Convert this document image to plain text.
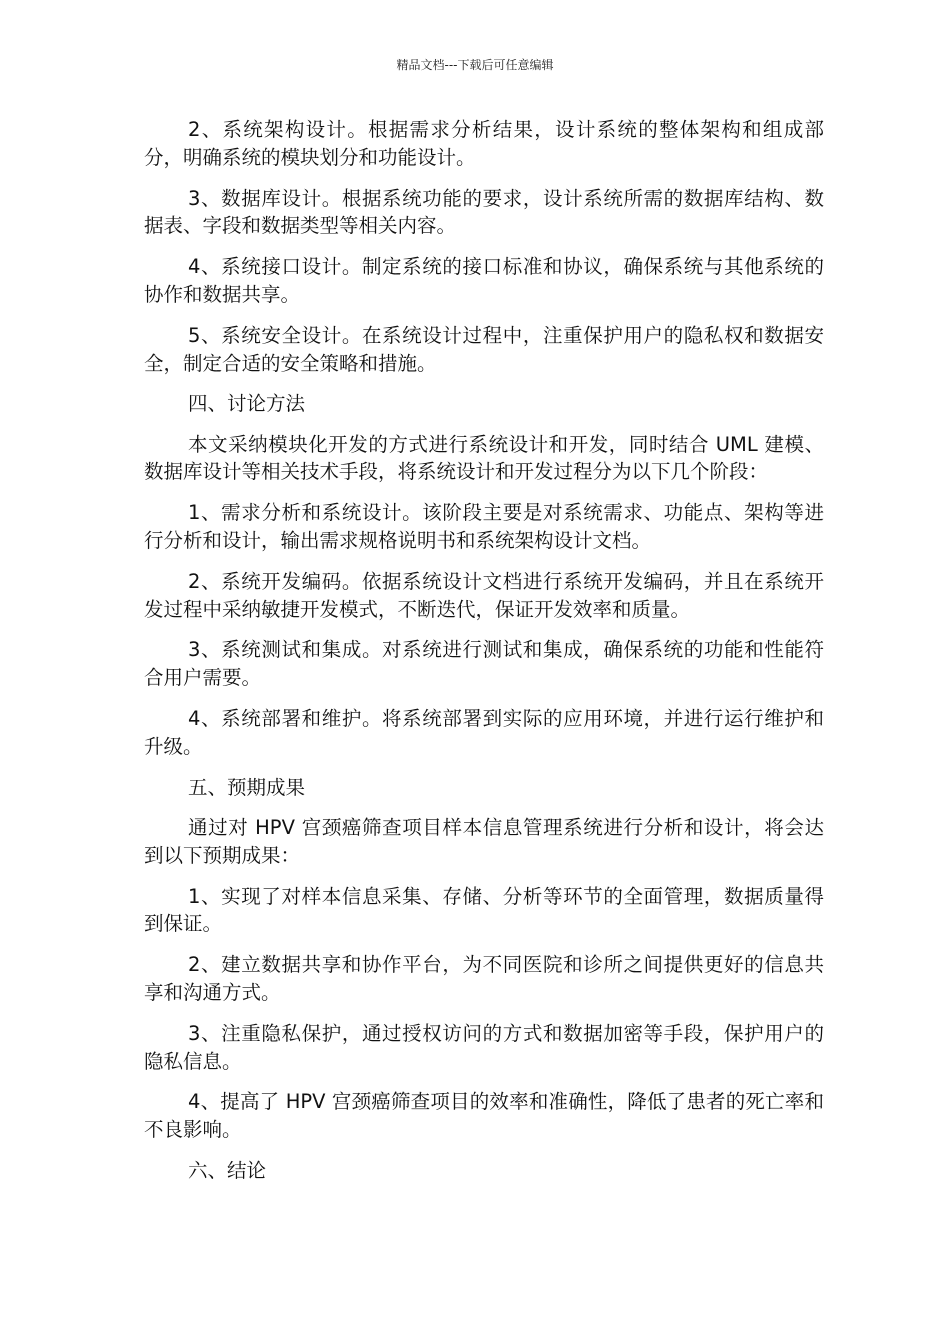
精品文档---下载后可任意编辑

2、系统架构设计。根据需求分析结果，设计系统的整体架构和组成部分，明确系统的模块划分和功能设计。

3、数据库设计。根据系统功能的要求，设计系统所需的数据库结构、数据表、字段和数据类型等相关内容。

4、系统接口设计。制定系统的接口标准和协议，确保系统与其他系统的协作和数据共享。

5、系统安全设计。在系统设计过程中，注重保护用户的隐私权和数据安全，制定合适的安全策略和措施。

四、讨论方法

本文采纳模块化开发的方式进行系统设计和开发，同时结合 UML 建模、数据库设计等相关技术手段，将系统设计和开发过程分为以下几个阶段：

1、需求分析和系统设计。该阶段主要是对系统需求、功能点、架构等进行分析和设计，输出需求规格说明书和系统架构设计文档。

2、系统开发编码。依据系统设计文档进行系统开发编码，并且在系统开发过程中采纳敏捷开发模式，不断迭代，保证开发效率和质量。

3、系统测试和集成。对系统进行测试和集成，确保系统的功能和性能符合用户需要。

4、系统部署和维护。将系统部署到实际的应用环境，并进行运行维护和升级。

五、预期成果

通过对 HPV 宫颈癌筛查项目样本信息管理系统进行分析和设计，将会达到以下预期成果：

1、实现了对样本信息采集、存储、分析等环节的全面管理，数据质量得到保证。

2、建立数据共享和协作平台，为不同医院和诊所之间提供更好的信息共享和沟通方式。

3、注重隐私保护，通过授权访问的方式和数据加密等手段，保护用户的隐私信息。

4、提高了 HPV 宫颈癌筛查项目的效率和准确性，降低了患者的死亡率和不良影响。

六、结论
